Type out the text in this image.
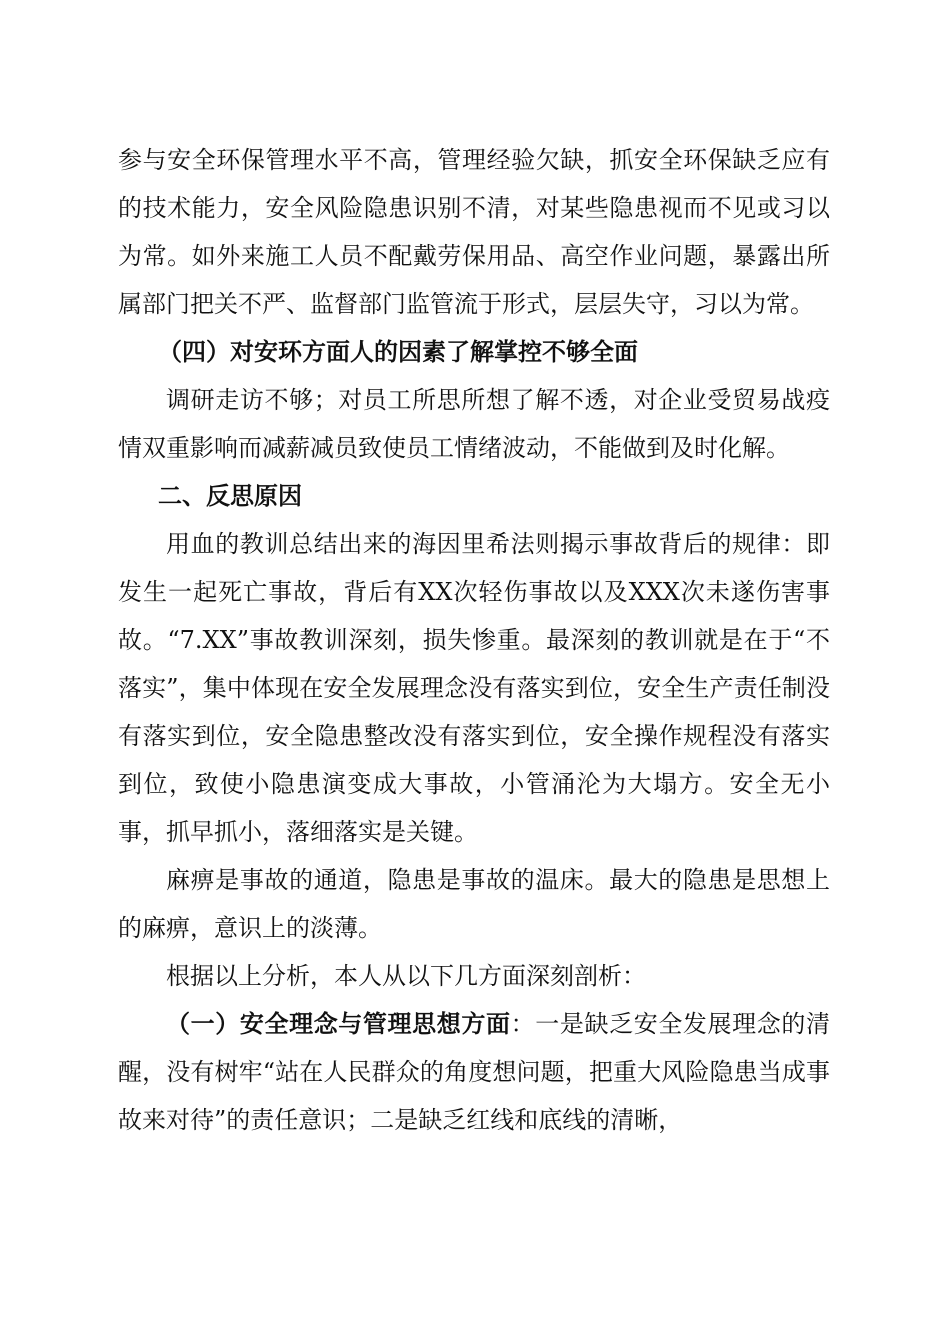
参与安全环保管理水平不高，管理经验欠缺，抓安全环保缺乏应有的技术能力，安全风险隐患识别不清，对某些隐患视而不见或习以为常。如外来施工人员不配戴劳保用品、高空作业问题，暴露出所属部门把关不严、监督部门监管流于形式，层层失守，习以为常。

（四）对安环方面人的因素了解掌控不够全面

调研走访不够；对员工所思所想了解不透，对企业受贸易战疫情双重影响而减薪减员致使员工情绪波动，不能做到及时化解。

二、反思原因

用血的教训总结出来的海因里希法则揭示事故背后的规律：即发生一起死亡事故，背后有XX次轻伤事故以及XXX次未遂伤害事故。“7.XX”事故教训深刻，损失惨重。最深刻的教训就是在于“不落实”，集中体现在安全发展理念没有落实到位，安全生产责任制没有落实到位，安全隐患整改没有落实到位，安全操作规程没有落实到位，致使小隐患演变成大事故，小管涌沦为大塌方。安全无小事，抓早抓小，落细落实是关键。

麻痹是事故的通道，隐患是事故的温床。最大的隐患是思想上的麻痹，意识上的淡薄。

根据以上分析，本人从以下几方面深刻剖析：

（一）安全理念与管理思想方面：一是缺乏安全发展理念的清醒，没有树牢“站在人民群众的角度想问题，把重大风险隐患当成事故来对待”的责任意识；二是缺乏红线和底线的清晰，
